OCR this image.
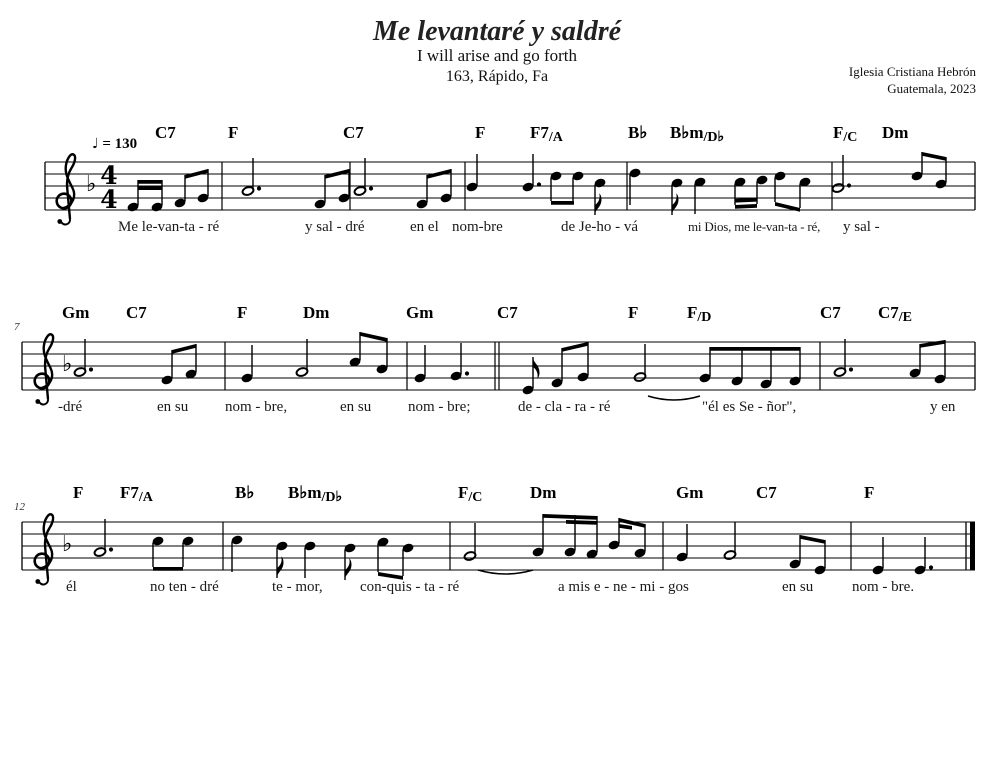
Me levantaré y saldré
I will arise and go forth
163, Rápido, Fa	Iglesia Cristiana Hebrón
Guatemala, 2023
♩ = 130
♭ 4
4
C7	F	C7	F	F7/A	B♭ B♭m/D♭	F/C Dm
Me le-van-ta - ré	y sal - dré	en el nom-bre	de Je-ho - vá	mi Dios, me le-van-ta - ré, y sal -
7
♭
Gm C7	F	Dm	Gm	C7	F	F/D	C7 C7/E
-dré	en su nom - bre,	en su nom - bre;	de - cla - ra - ré	"él es Se - ñor",	y en
12
♭
F F7/A	B♭ B♭m/D♭	F/C	Dm	Gm	C7	F
él	no ten - dré	te - mor, con-quis - ta - ré	a mis e - ne - mi - gos	en su	nom - bre.
